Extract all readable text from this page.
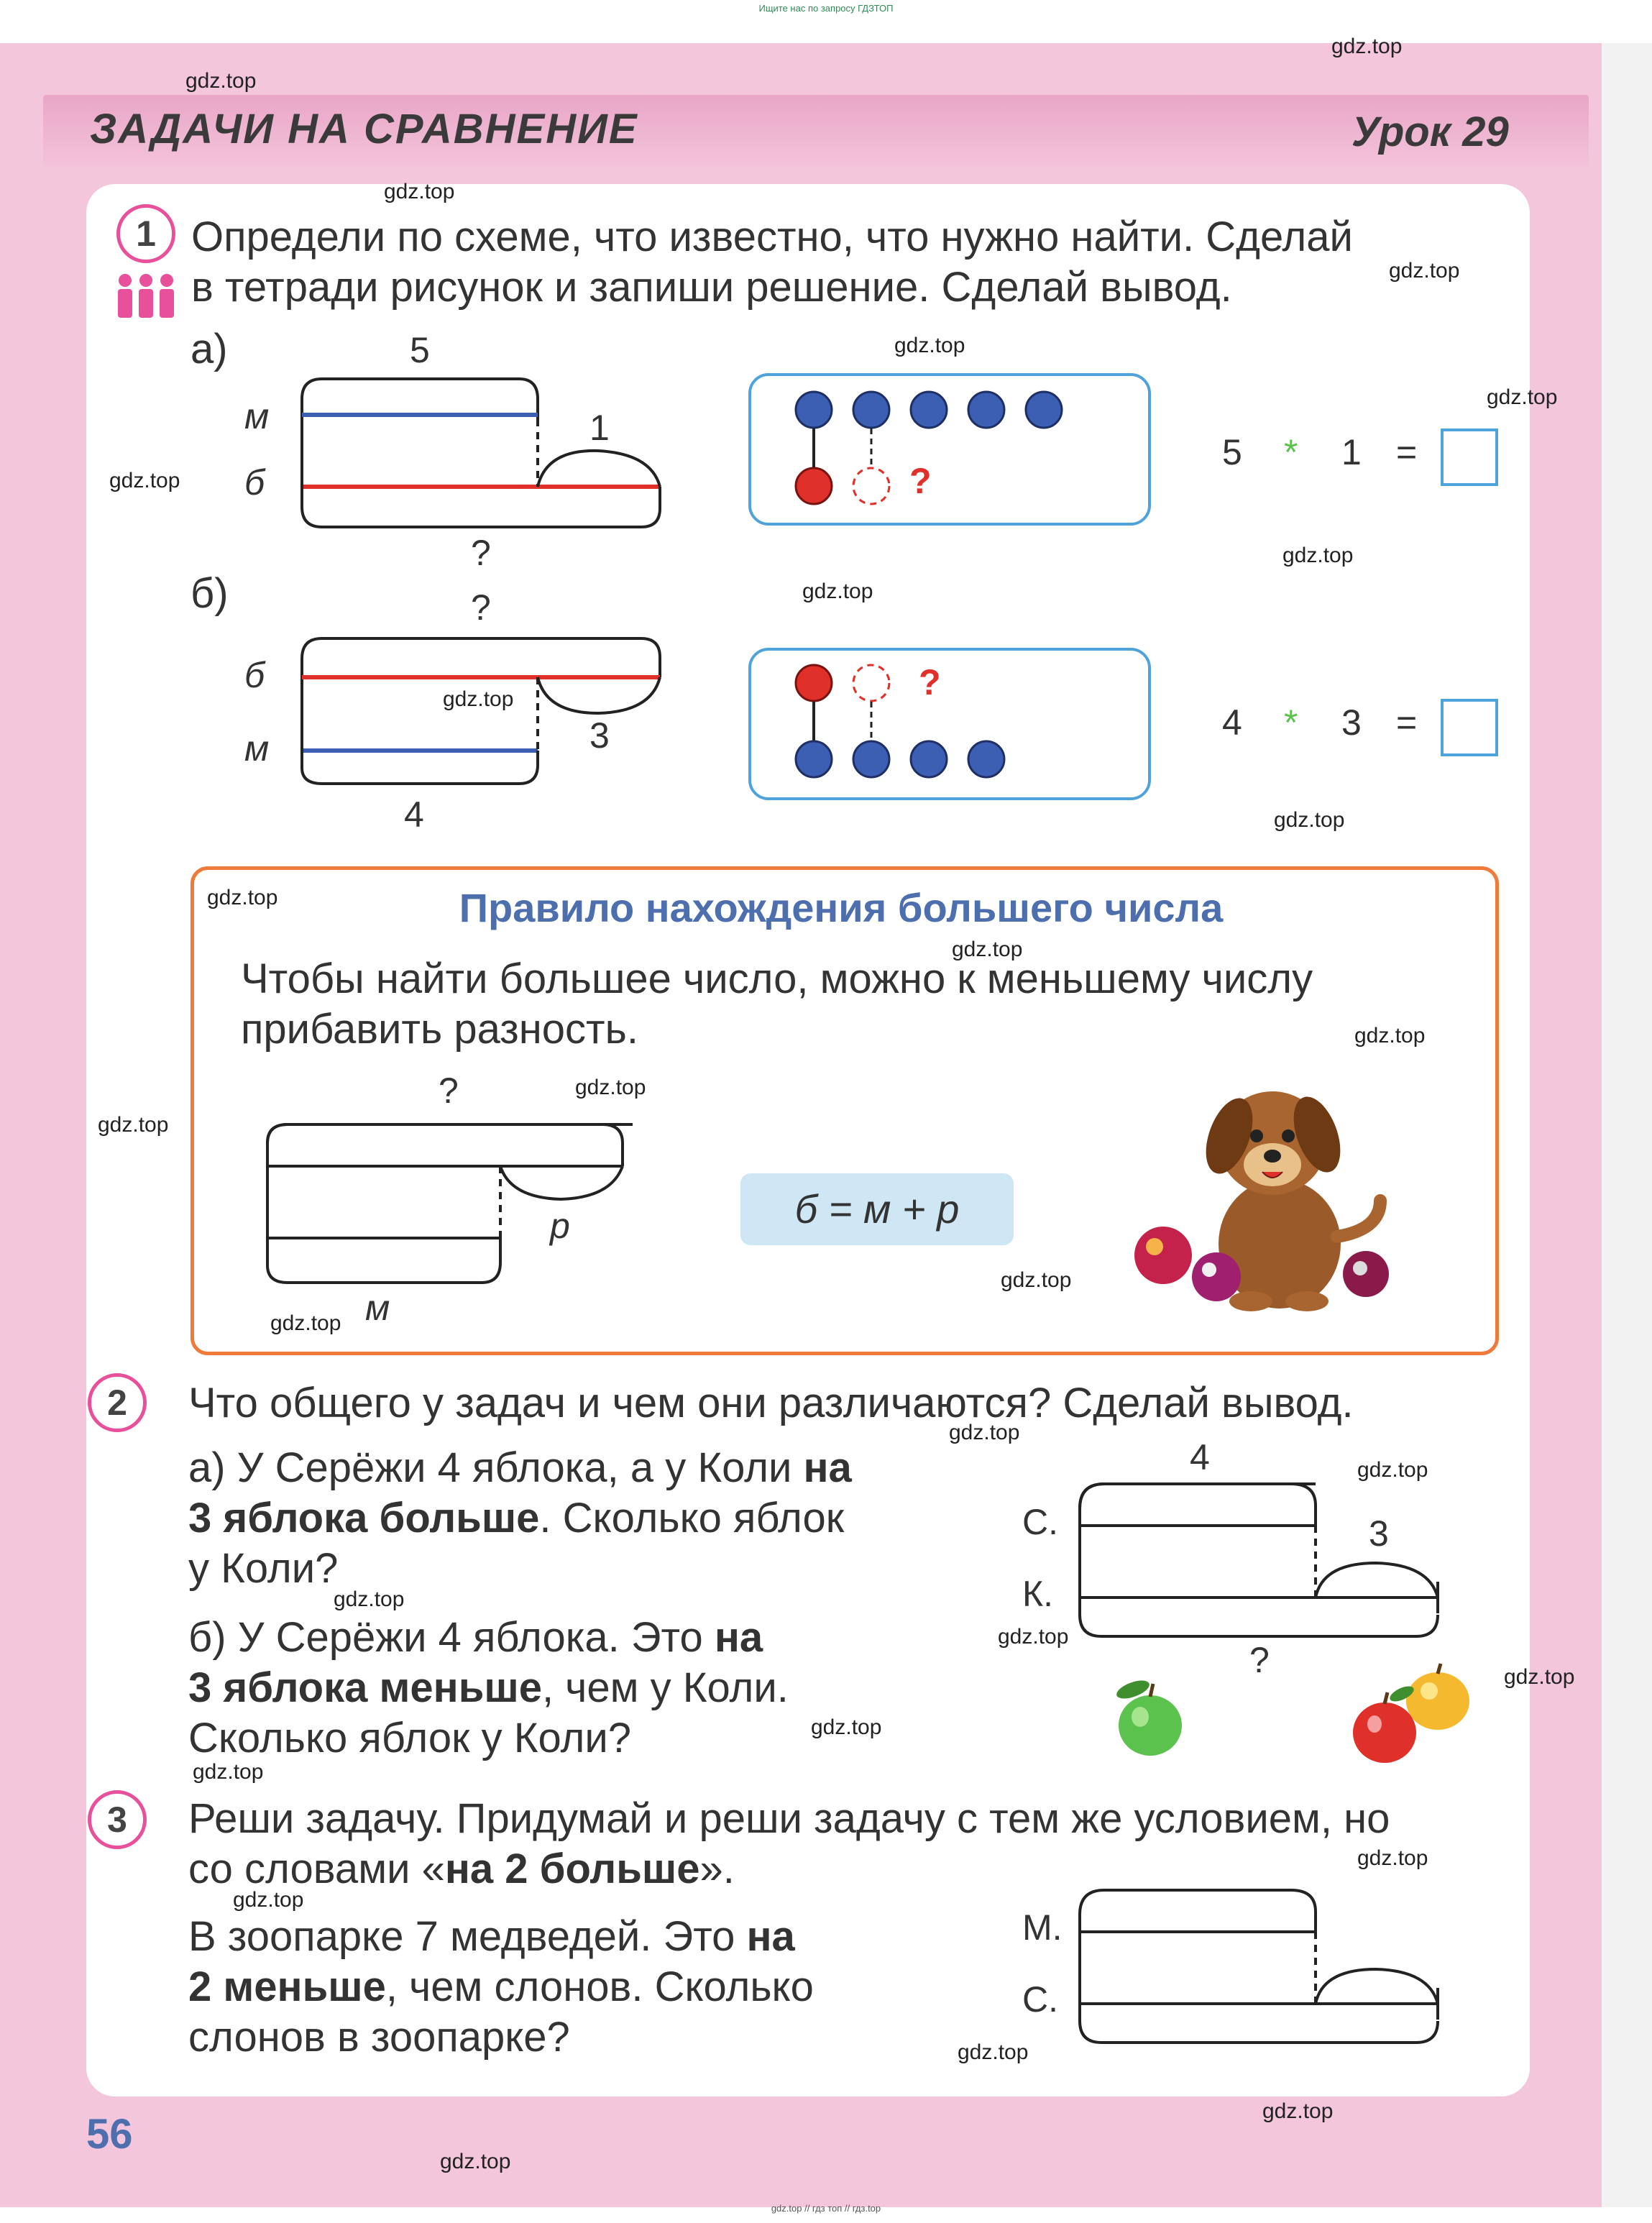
Ищите нас по запросу ГДЗТОП
ЗАДАЧИ НА СРАВНЕНИЕ	Урок 29
1 Определи по схеме, что известно, что нужно найти. Сделай
в тетради рисунок и запиши решение. Сделай вывод.
а)	5
м
б
1
?
?
5 * 1 =
б)	?
б
м	3
4
?
4 * 3 =
Правило нахождения большего числа
Чтобы найти большее число, можно к меньшему числу
прибавить разность.
?
р
м
б = м + р
2	Что общего у задач и чем они различаются? Сделай вывод.
а) У Серёжи 4 яблока, а у Коли на
3 яблока больше. Сколько яблок
у Коли?
б) У Серёжи 4 яблока. Это на
3 яблока меньше, чем у Коли.
Сколько яблок у Коли?
4
С.
К.
3
?
3	Реши задачу. Придумай и реши задачу с тем же условием, но
со словами «на 2 больше».
В зоопарке 7 медведей. Это на
2 меньше, чем слонов. Сколько
слонов в зоопарке?
М.
С.
56
gdz.top
gdz.top
gdz.top
gdz.top
gdz.top
gdz.top
gdz.top
gdz.top
gdz.top
gdz.top
gdz.top
gdz.top
gdz.top
gdz.top
gdz.top
gdz.top
gdz.top
gdz.top
gdz.top
gdz.top
gdz.top
gdz.top
gdz.top
gdz.top
gdz.top
gdz.top
gdz.top
gdz.top
gdz.top
gdz.top
gdz.top // гдз топ // гдз.top
